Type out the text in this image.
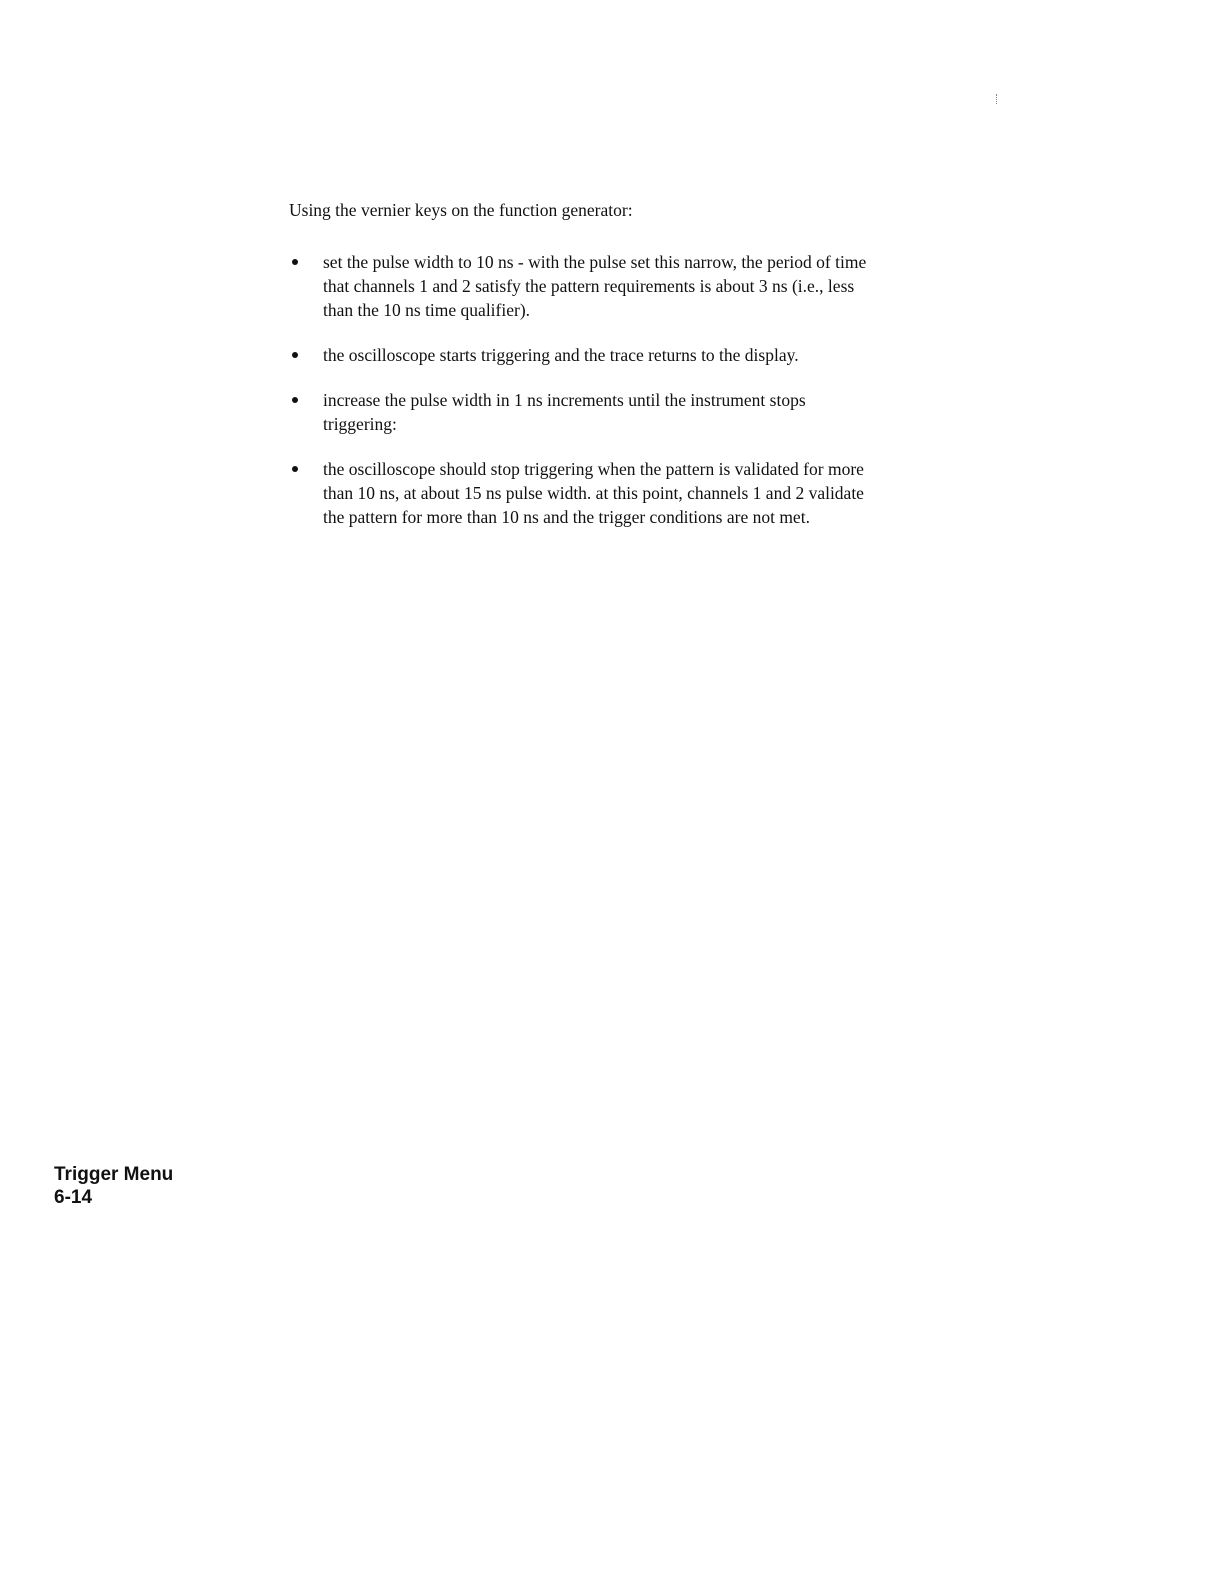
Using the vernier keys on the function generator:

set the pulse width to 10 ns - with the pulse set this narrow, the period of time that channels 1 and 2 satisfy the pattern requirements is about 3 ns (i.e., less than the 10 ns time qualifier).
the oscilloscope starts triggering and the trace returns to the display.
increase the pulse width in 1 ns increments until the instrument stops triggering:
the oscilloscope should stop triggering when the pattern is validated for more than 10 ns, at about 15 ns pulse width. at this point, channels 1 and 2 validate the pattern for more than 10 ns and the trigger conditions are not met.
Trigger Menu
6-14
